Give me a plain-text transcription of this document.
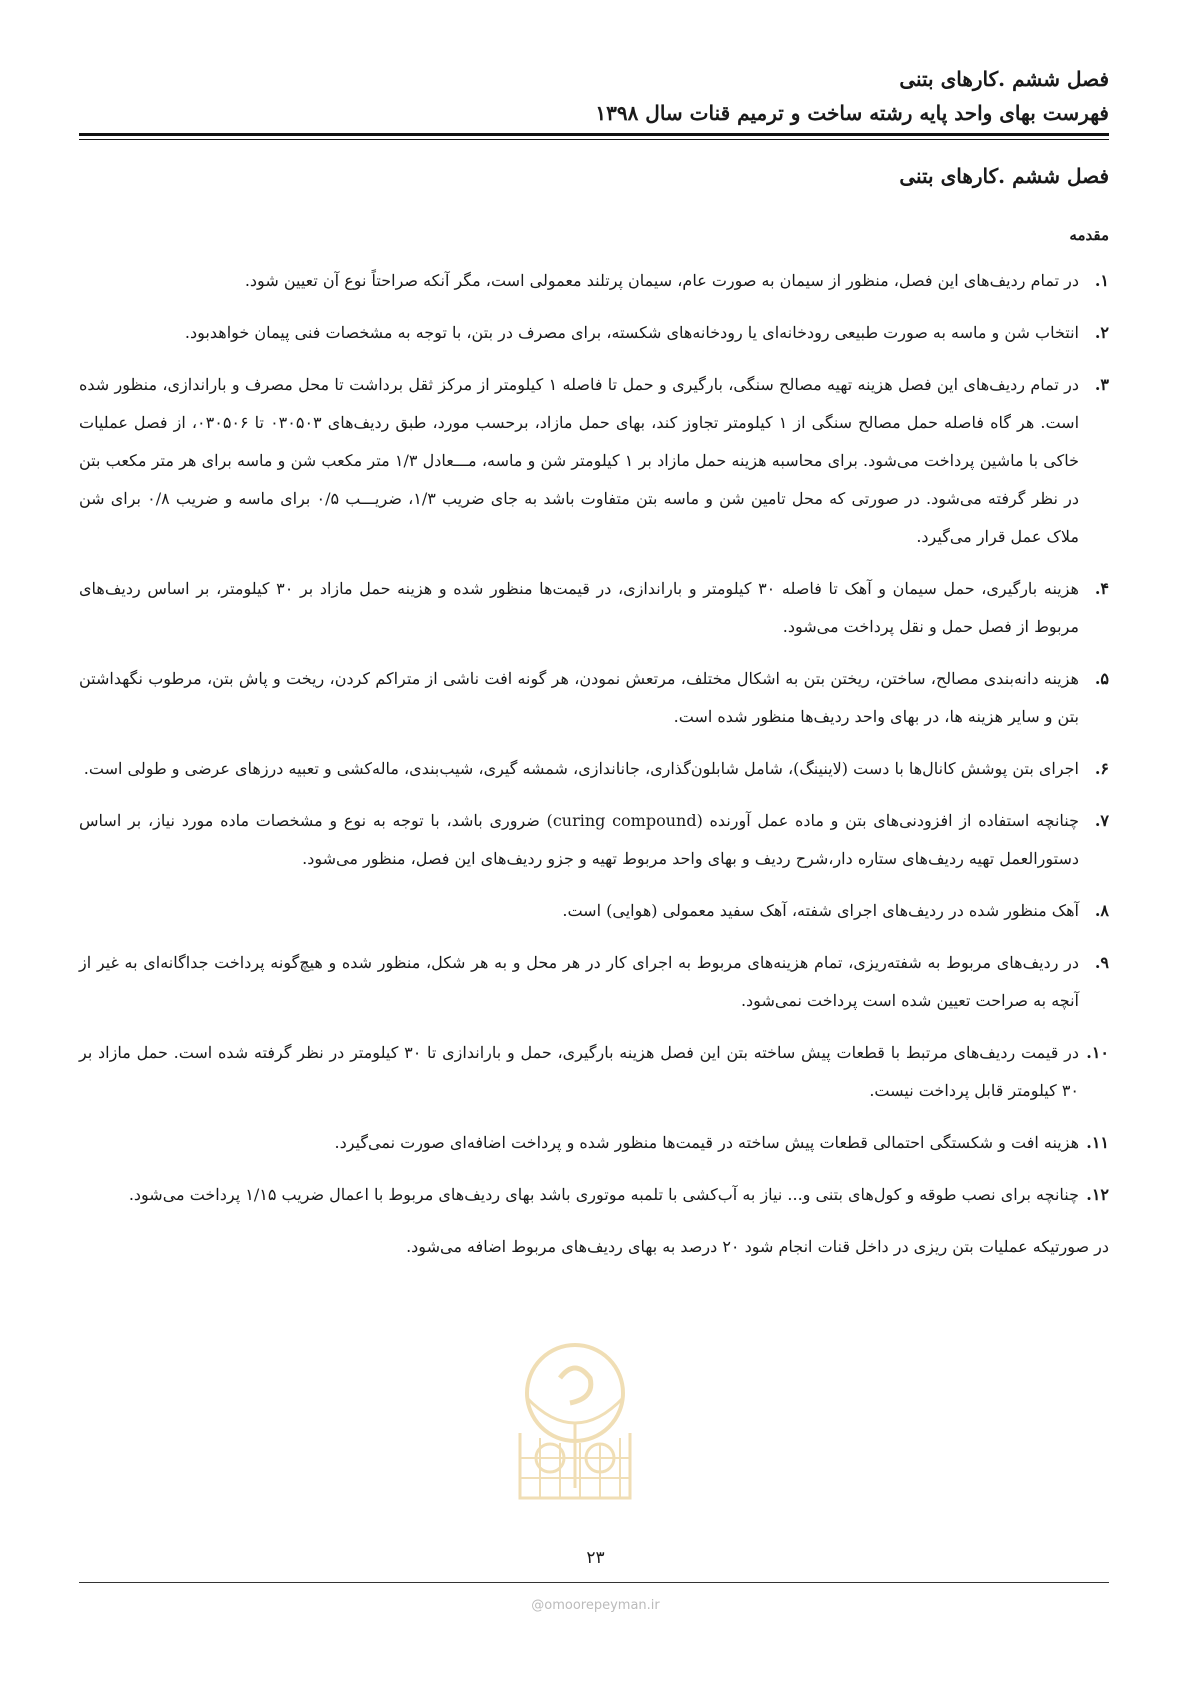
فصل ششم .کارهای بتنی
فهرست بهای واحد پایه رشته ساخت و ترمیم قنات سال ۱۳۹۸
فصل ششم .کارهای بتنی
مقدمه
۱.
در تمام ردیف‌های این فصل، منظور از سیمان به صورت عام، سیمان پرتلند معمولی است، مگر آنکه صراحتاً نوع آن تعیین شود.
۲.
انتخاب شن و ماسه به صورت طبیعی رودخانه‌ای یا رودخانه‌های شکسته، برای مصرف در بتن، با توجه به مشخصات فنی پیمان خواهدبود.
۳.
در تمام ردیف‌های این فصل هزینه تهیه مصالح سنگی، بارگیری و حمل تا فاصله ۱ کیلومتر از مرکز ثقل برداشت تا محل مصرف و باراندازی، منظور شده است. هر گاه فاصله حمل مصالح سنگی از ۱ کیلومتر تجاوز کند، بهای حمل مازاد، برحسب مورد، طبق ردیف‌های ۰۳۰۵۰۳ تا ۰۳۰۵۰۶، از فصل عملیات خاکی با ماشین پرداخت می‌شود. برای محاسبه هزینه حمل مازاد بر ۱ کیلومتر شن و ماسه، مـــعادل ۱/۳ متر مکعب شن و ماسه برای هر متر مکعب بتن در نظر گرفته می‌شود. در صورتی که محل تامین شن و ماسه بتن متفاوت باشد به جای ضریب ۱/۳، ضریـــب ۰/۵ برای ماسه و ضریب ۰/۸ برای شن ملاک عمل قرار می‌گیرد.
۴.
هزینه بارگیری، حمل سیمان و آهک تا فاصله ۳۰ کیلومتر و باراندازی، در قیمت‌ها منظور شده و هزینه حمل مازاد بر ۳۰ کیلومتر، بر اساس ردیف‌های مربوط از فصل حمل و نقل پرداخت می‌شود.
۵.
هزینه دانه‌بندی مصالح، ساختن، ریختن بتن به اشکال مختلف، مرتعش نمودن، هر گونه افت ناشی از متراکم کردن، ریخت و پاش بتن، مرطوب نگهداشتن بتن و سایر هزینه ها، در بهای واحد ردیف‌ها منظور شده است.
۶.
اجرای بتن پوشش کانال‌ها با دست (لاینینگ)، شامل شابلون‌گذاری، جاناندازی، شمشه گیری، شیب‌بندی، ماله‌کشی و تعبیه درزهای عرضی و طولی است.
۷.
چنانچه استفاده از افزودنی‌های بتن و ماده عمل آورنده (curing compound) ضروری باشد، با توجه به نوع و مشخصات ماده مورد نیاز، بر اساس دستورالعمل تهیه ردیف‌های ستاره دار،شرح ردیف و بهای واحد مربوط تهیه و جزو ردیف‌های این فصل، منظور می‌شود.
۸.
آهک منظور شده در ردیف‌های اجرای شفته، آهک سفید معمولی (هوایی) است.
۹.
در ردیف‌های مربوط به شفته‌ریزی، تمام هزینه‌های مربوط به اجرای کار در هر محل و به هر شکل، منظور شده و هیچ‌گونه پرداخت جداگانه‌ای به غیر از آنچه به صراحت تعیین شده است پرداخت نمی‌شود.
۱۰.
در قیمت ردیف‌های مرتبط با قطعات پیش ساخته بتن این فصل هزینه بارگیری، حمل و باراندازی تا ۳۰ کیلومتر در نظر گرفته شده است. حمل مازاد بر ۳۰ کیلومتر قابل پرداخت نیست.
۱۱.
هزینه افت و شکستگی احتمالی قطعات پیش ساخته در قیمت‌ها منظور شده و پرداخت اضافه‌ای صورت نمی‌گیرد.
۱۲.
چنانچه برای نصب طوقه و کول‌های بتنی و... نیاز به آب‌کشی با تلمبه موتوری باشد بهای ردیف‌های مربوط با اعمال ضریب ۱/۱۵ پرداخت می‌شود.
در صورتیکه عملیات بتن ریزی در داخل قنات انجام شود ۲۰ درصد به بهای ردیف‌های مربوط اضافه می‌شود.
۲۳
@omoorepeyman.ir
